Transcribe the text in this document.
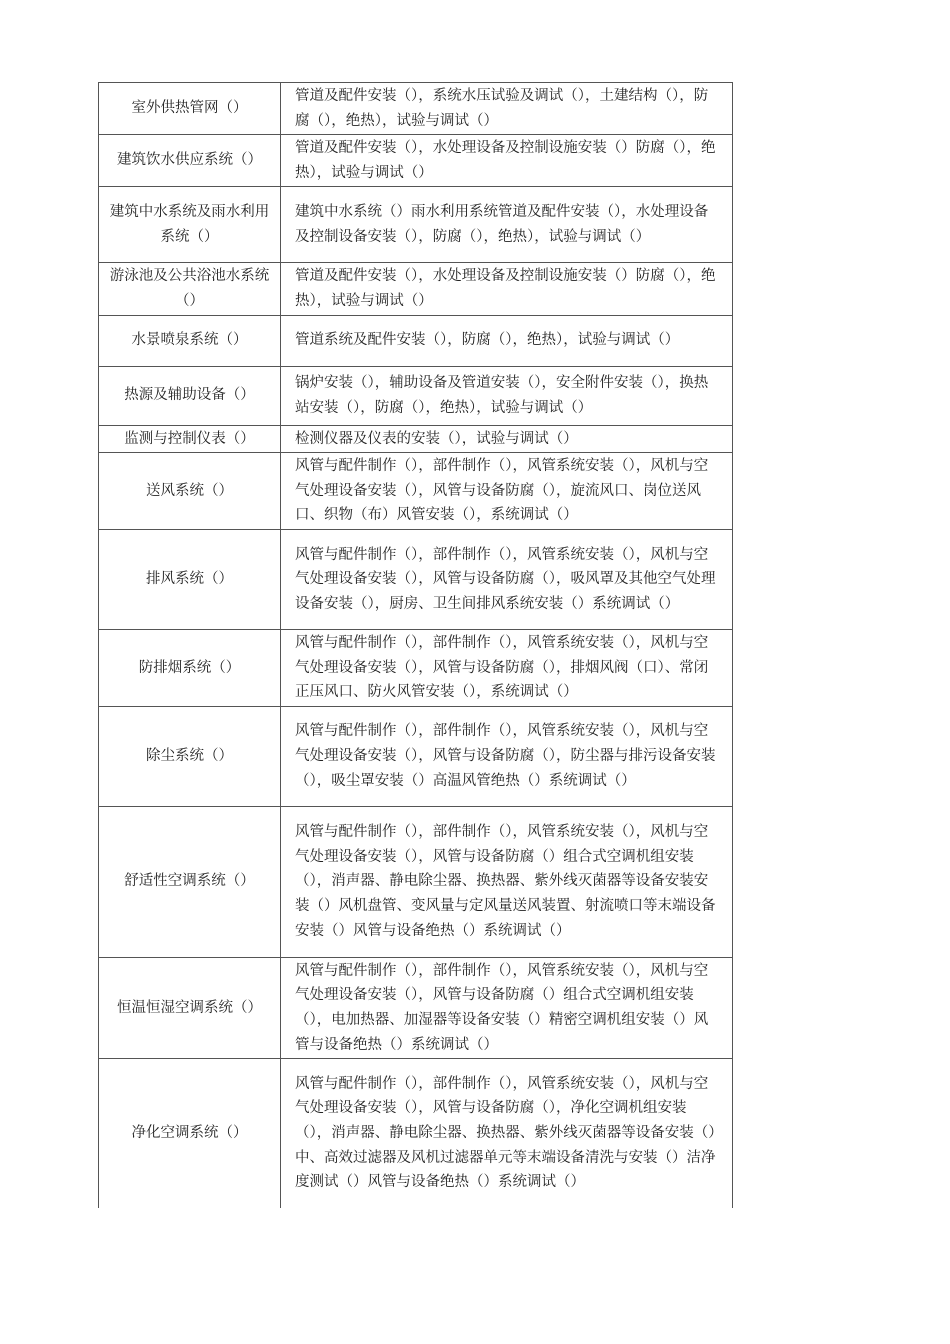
室外供热管网（）	管道及配件安装（），系统水压试验及调试（），土建结构（），防腐（），绝热），试验与调试（）

建筑饮水供应系统（）	管道及配件安装（），水处理设备及控制设施安装（）防腐（），绝热），试验与调试（）

建筑中水系统及雨水利用系统（）	建筑中水系统（）雨水利用系统管道及配件安装（），水处理设备及控制设备安装（），防腐（），绝热），试验与调试（）

游泳池及公共浴池水系统（）	管道及配件安装（），水处理设备及控制设施安装（）防腐（），绝热），试验与调试（）

水景喷泉系统（）	管道系统及配件安装（），防腐（），绝热），试验与调试（）

热源及辅助设备（）	锅炉安装（），辅助设备及管道安装（），安全附件安装（），换热站安装（），防腐（），绝热），试验与调试（）

监测与控制仪表（）	检测仪器及仪表的安装（），试验与调试（）

送风系统（）	风管与配件制作（），部件制作（），风管系统安装（），风机与空气处理设备安装（），风管与设备防腐（），旋流风口、岗位送风口、织物（布）风管安装（），系统调试（）

排风系统（）	风管与配件制作（），部件制作（），风管系统安装（），风机与空气处理设备安装（），风管与设备防腐（），吸风罩及其他空气处理设备安装（），厨房、卫生间排风系统安装（）系统调试（）

防排烟系统（）	风管与配件制作（），部件制作（），风管系统安装（），风机与空气处理设备安装（），风管与设备防腐（），排烟风阀（口）、常闭正压风口、防火风管安装（），系统调试（）

除尘系统（）	风管与配件制作（），部件制作（），风管系统安装（），风机与空气处理设备安装（），风管与设备防腐（），防尘器与排污设备安装（），吸尘罩安装（）高温风管绝热（）系统调试（）

舒适性空调系统（）	风管与配件制作（），部件制作（），风管系统安装（），风机与空气处理设备安装（），风管与设备防腐（）组合式空调机组安装（），消声器、静电除尘器、换热器、紫外线灭菌器等设备安装安装（）风机盘管、变风量与定风量送风装置、射流喷口等末端设备安装（）风管与设备绝热（）系统调试（）

恒温恒湿空调系统（）	风管与配件制作（），部件制作（），风管系统安装（），风机与空气处理设备安装（），风管与设备防腐（）组合式空调机组安装（），电加热器、加湿器等设备安装（）精密空调机组安装（）风管与设备绝热（）系统调试（）

净化空调系统（）	风管与配件制作（），部件制作（），风管系统安装（），风机与空气处理设备安装（），风管与设备防腐（），净化空调机组安装（），消声器、静电除尘器、换热器、紫外线灭菌器等设备安装（）中、高效过滤器及风机过滤器单元等末端设备清洗与安装（）洁净度测试（）风管与设备绝热（）系统调试（）
